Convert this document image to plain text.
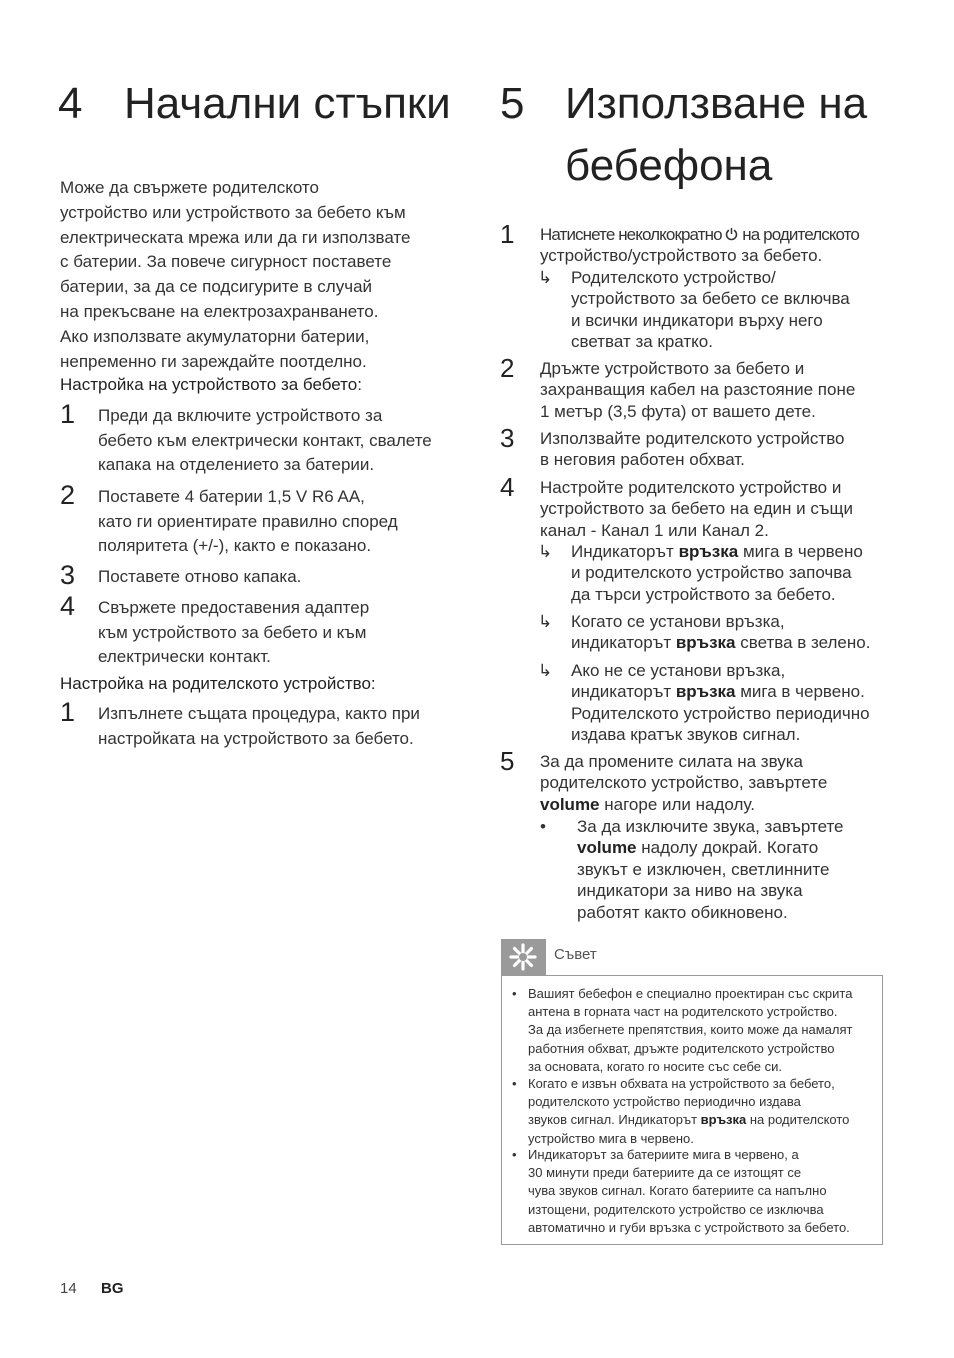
4 Начални стъпки
Може да свържете родителското
устройство или устройството за бебето към
електрическата мрежа или да ги използвате
с батерии. За повече сигурност поставете
батерии, за да се подсигурите в случай
на прекъсване на електрозахранването.
Ако използвате акумулаторни батерии,
непременно ги зареждайте поотделно.
Настройка на устройството за бебето:
1 Преди да включите устройството за
бебето към електрически контакт, свалете
капака на отделението за батерии.
2 Поставете 4 батерии 1,5 V R6 AA,
като ги ориентирате правилно според
поляритета (+/-), както е показано.
3 Поставете отново капака.
4 Свържете предоставения адаптер
към устройството за бебето и към
електрически контакт.
Настройка на родителското устройство:
1 Изпълнете същата процедура, както при
настройката на устройството за бебето.
5 Използване на
бебефона
1 Натиснете неколкократно  на родителското
устройство/устройството за бебето.
↳ Родителското устройство/
устройството за бебето се включва
и всички индикатори върху него
светват за кратко.
2 Дръжте устройството за бебето и
захранващия кабел на разстояние поне
1 метър (3,5 фута) от вашето дете.
3 Използвайте родителското устройство
в неговия работен обхват.
4 Настройте родителското устройство и
устройството за бебето на един и същи
канал - Канал 1 или Канал 2.
↳ Индикаторът връзка мига в червено
и родителското устройство започва
да търси устройството за бебето.
↳ Когато се установи връзка,
индикаторът връзка светва в зелено.
↳ Ако не се установи връзка,
индикаторът връзка мига в червено.
Родителското устройство периодично
издава кратък звуков сигнал.
5 За да промените силата на звука
родителското устройство, завъртете
volume нагоре или надолу.
• За да изключите звука, завъртете
volume надолу докрай. Когато
звукът е изключен, светлинните
индикатори за ниво на звука
работят както обикновено.
Съвет
• Вашият бебефон е специално проектиран със скрита
антена в горната част на родителското устройство.
За да избегнете препятствия, които може да намалят
работния обхват, дръжте родителското устройство
за основата, когато го носите със себе си.
• Когато е извън обхвата на устройството за бебето,
родителското устройство периодично издава
звуков сигнал. Индикаторът връзка на родителското
устройство мига в червено.
• Индикаторът за батериите мига в червено, а
30 минути преди батериите да се изтощят се
чува звуков сигнал. Когато батериите са напълно
изтощени, родителското устройство се изключва
автоматично и губи връзка с устройството за бебето.
14 BG
